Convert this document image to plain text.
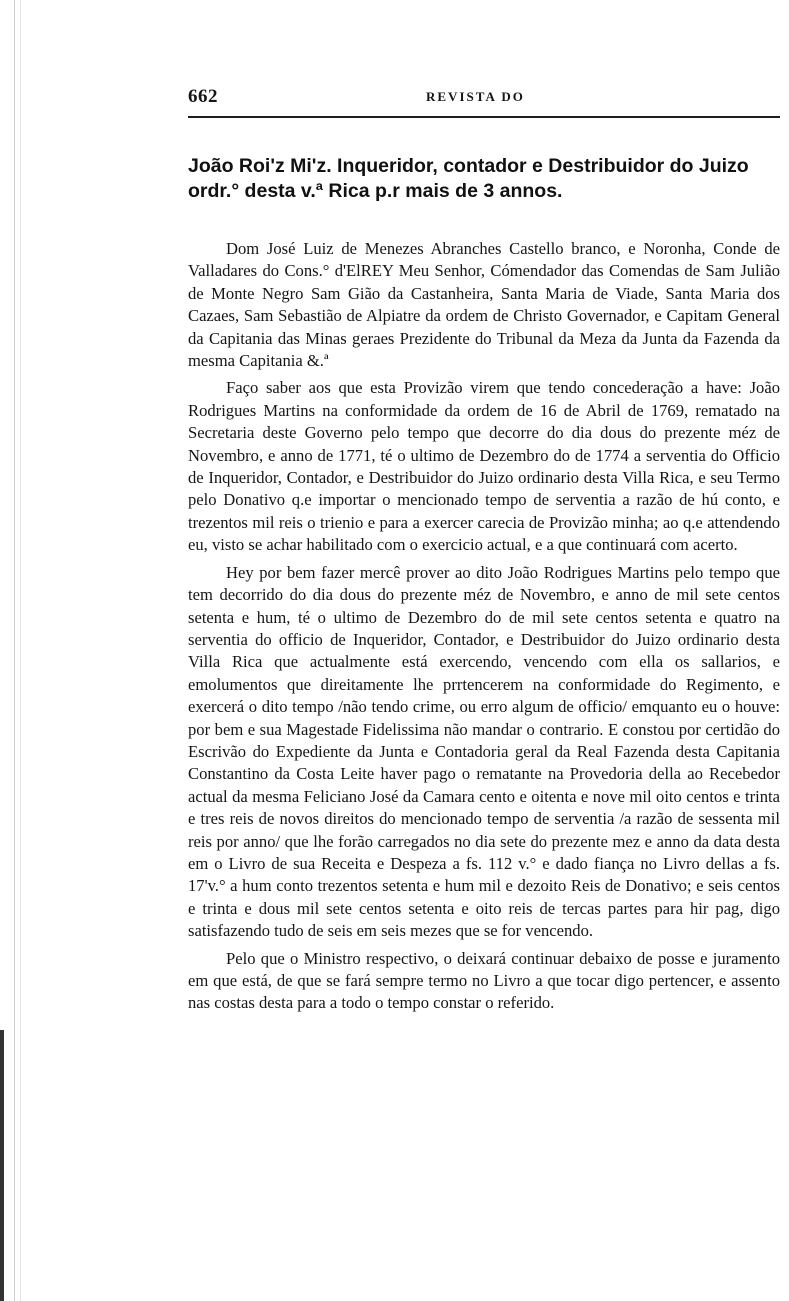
662	REVISTA DO
João Roi'z Mi'z. Inqueridor, contador e Destribuidor do Juizo
ordr.° desta v.ª Rica p.r mais de 3 annos.

Dom José Luiz de Menezes Abranches Castello branco, e Noronha, Conde de Valladares do Cons.° d'ElREY Meu Senhor, Cómendador das Comendas de Sam Julião de Monte Negro Sam Gião da Castanheira, Santa Maria de Viade, Santa Maria dos Cazaes, Sam Sebastião de Alpiatre da ordem de Christo Governador, e Capitam General da Capitania das Minas geraes Prezidente do Tribunal da Meza da Junta da Fazenda da mesma Capitania &.ª

Faço saber aos que esta Provizão virem que tendo concederação a have: João Rodrigues Martins na conformidade da ordem de 16 de Abril de 1769, rematado na Secretaria deste Governo pelo tempo que decorre do dia dous do prezente méz de Novembro, e anno de 1771, té o ultimo de Dezembro do de 1774 a serventia do Officio de Inqueridor, Contador, e Destribuidor do Juizo ordinario desta Villa Rica, e seu Termo pelo Donativo q.e importar o mencionado tempo de serventia a razão de hú conto, e trezentos mil reis o trienio e para a exercer carecia de Provizão minha; ao q.e attendendo eu, visto se achar habilitado com o exercicio actual, e a que continuará com acerto.

Hey por bem fazer mercê prover ao dito João Rodrigues Martins pelo tempo que tem decorrido do dia dous do prezente méz de Novembro, e anno de mil sete centos setenta e hum, té o ultimo de Dezembro do de mil sete centos setenta e quatro na serventia do officio de Inqueridor, Contador, e Destribuidor do Juizo ordinario desta Villa Rica que actualmente está exercendo, vencendo com ella os sallarios, e emolumentos que direitamente lhe prrtencerem na conformidade do Regimento, e exercerá o dito tempo /não tendo crime, ou erro algum de officio/ emquanto eu o houve: por bem e sua Magestade Fidelissima não mandar o contrario. E constou por certidão do Escrivão do Expediente da Junta e Contadoria geral da Real Fazenda desta Capitania Constantino da Costa Leite haver pago o rematante na Provedoria della ao Recebedor actual da mesma Feliciano José da Camara cento e oitenta e nove mil oito centos e trinta e tres reis de novos direitos do mencionado tempo de serventia /a razão de sessenta mil reis por anno/ que lhe forão carregados no dia sete do prezente mez e anno da data desta em o Livro de sua Receita e Despeza a fs. 112 v.° e dado fiança no Livro dellas a fs. 17'v.° a hum conto trezentos setenta e hum mil e dezoito Reis de Donativo; e seis centos e trinta e dous mil sete centos setenta e oito reis de tercas partes para hir pag, digo satisfazendo tudo de seis em seis mezes que se for vencendo.

Pelo que o Ministro respectivo, o deixará continuar debaixo de posse e juramento em que está, de que se fará sempre termo no Livro a que tocar digo pertencer, e assento nas costas desta para a todo o tempo constar o referido.
